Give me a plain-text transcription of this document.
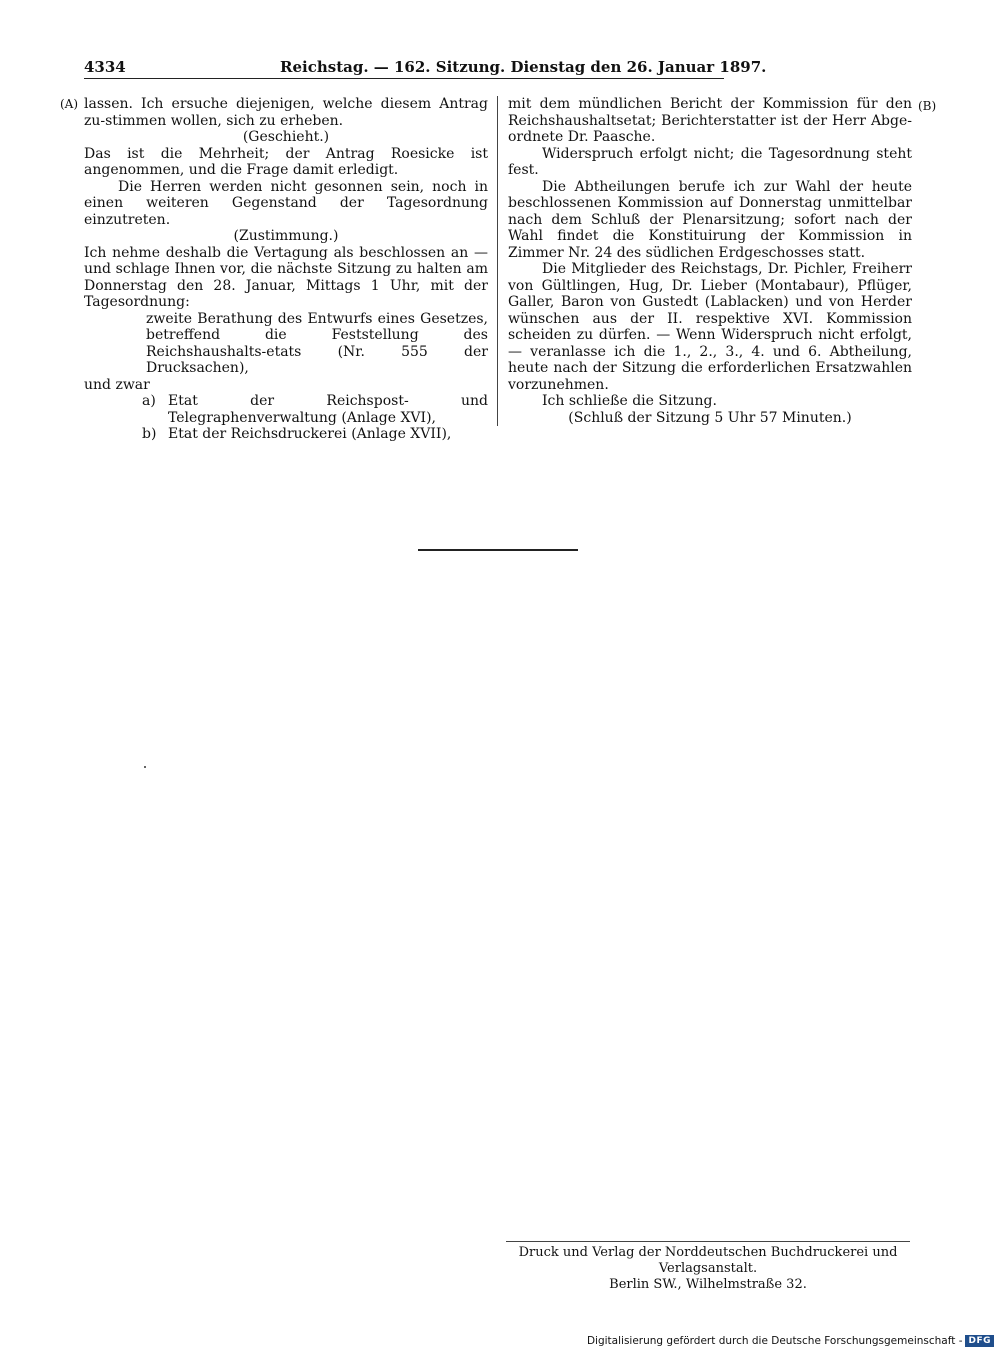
4334	Reichstag. — 162. Sitzung. Dienstag den 26. Januar 1897.
(A)	(B)

lassen. Ich ersuche diejenigen, welche diesem Antrag zu-stimmen wollen, sich zu erheben.

(Geschieht.)

Das ist die Mehrheit; der Antrag Roesicke ist angenommen, und die Frage damit erledigt.

Die Herren werden nicht gesonnen sein, noch in einen weiteren Gegenstand der Tagesordnung einzutreten.

(Zustimmung.)

Ich nehme deshalb die Vertagung als beschlossen an — und schlage Ihnen vor, die nächste Sitzung zu halten am Donnerstag den 28. Januar, Mittags 1 Uhr, mit der Tagesordnung:

zweite Berathung des Entwurfs eines Gesetzes, betreffend die Feststellung des Reichshaushalts-etats (Nr. 555 der Drucksachen),

und zwar

a) Etat der Reichspost- und Telegraphenverwaltung (Anlage XVI),

b) Etat der Reichsdruckerei (Anlage XVII),

mit dem mündlichen Bericht der Kommission für den Reichshaushaltsetat; Berichterstatter ist der Herr Abge-ordnete Dr. Paasche.

Widerspruch erfolgt nicht; die Tagesordnung steht fest.

Die Abtheilungen berufe ich zur Wahl der heute beschlossenen Kommission auf Donnerstag unmittelbar nach dem Schluß der Plenarsitzung; sofort nach der Wahl findet die Konstituirung der Kommission in Zimmer Nr. 24 des südlichen Erdgeschosses statt.

Die Mitglieder des Reichstags, Dr. Pichler, Freiherr von Gültlingen, Hug, Dr. Lieber (Montabaur), Pflüger, Galler, Baron von Gustedt (Lablacken) und von Herder wünschen aus der II. respektive XVI. Kommission scheiden zu dürfen. — Wenn Widerspruch nicht erfolgt, — veranlasse ich die 1., 2., 3., 4. und 6. Abtheilung, heute nach der Sitzung die erforderlichen Ersatzwahlen vorzunehmen.

Ich schließe die Sitzung.

(Schluß der Sitzung 5 Uhr 57 Minuten.)

Druck und Verlag der Norddeutschen Buchdruckerei und Verlagsanstalt.

Berlin SW., Wilhelmstraße 32.

Digitalisierung gefördert durch die Deutsche Forschungsgemeinschaft - DFG
